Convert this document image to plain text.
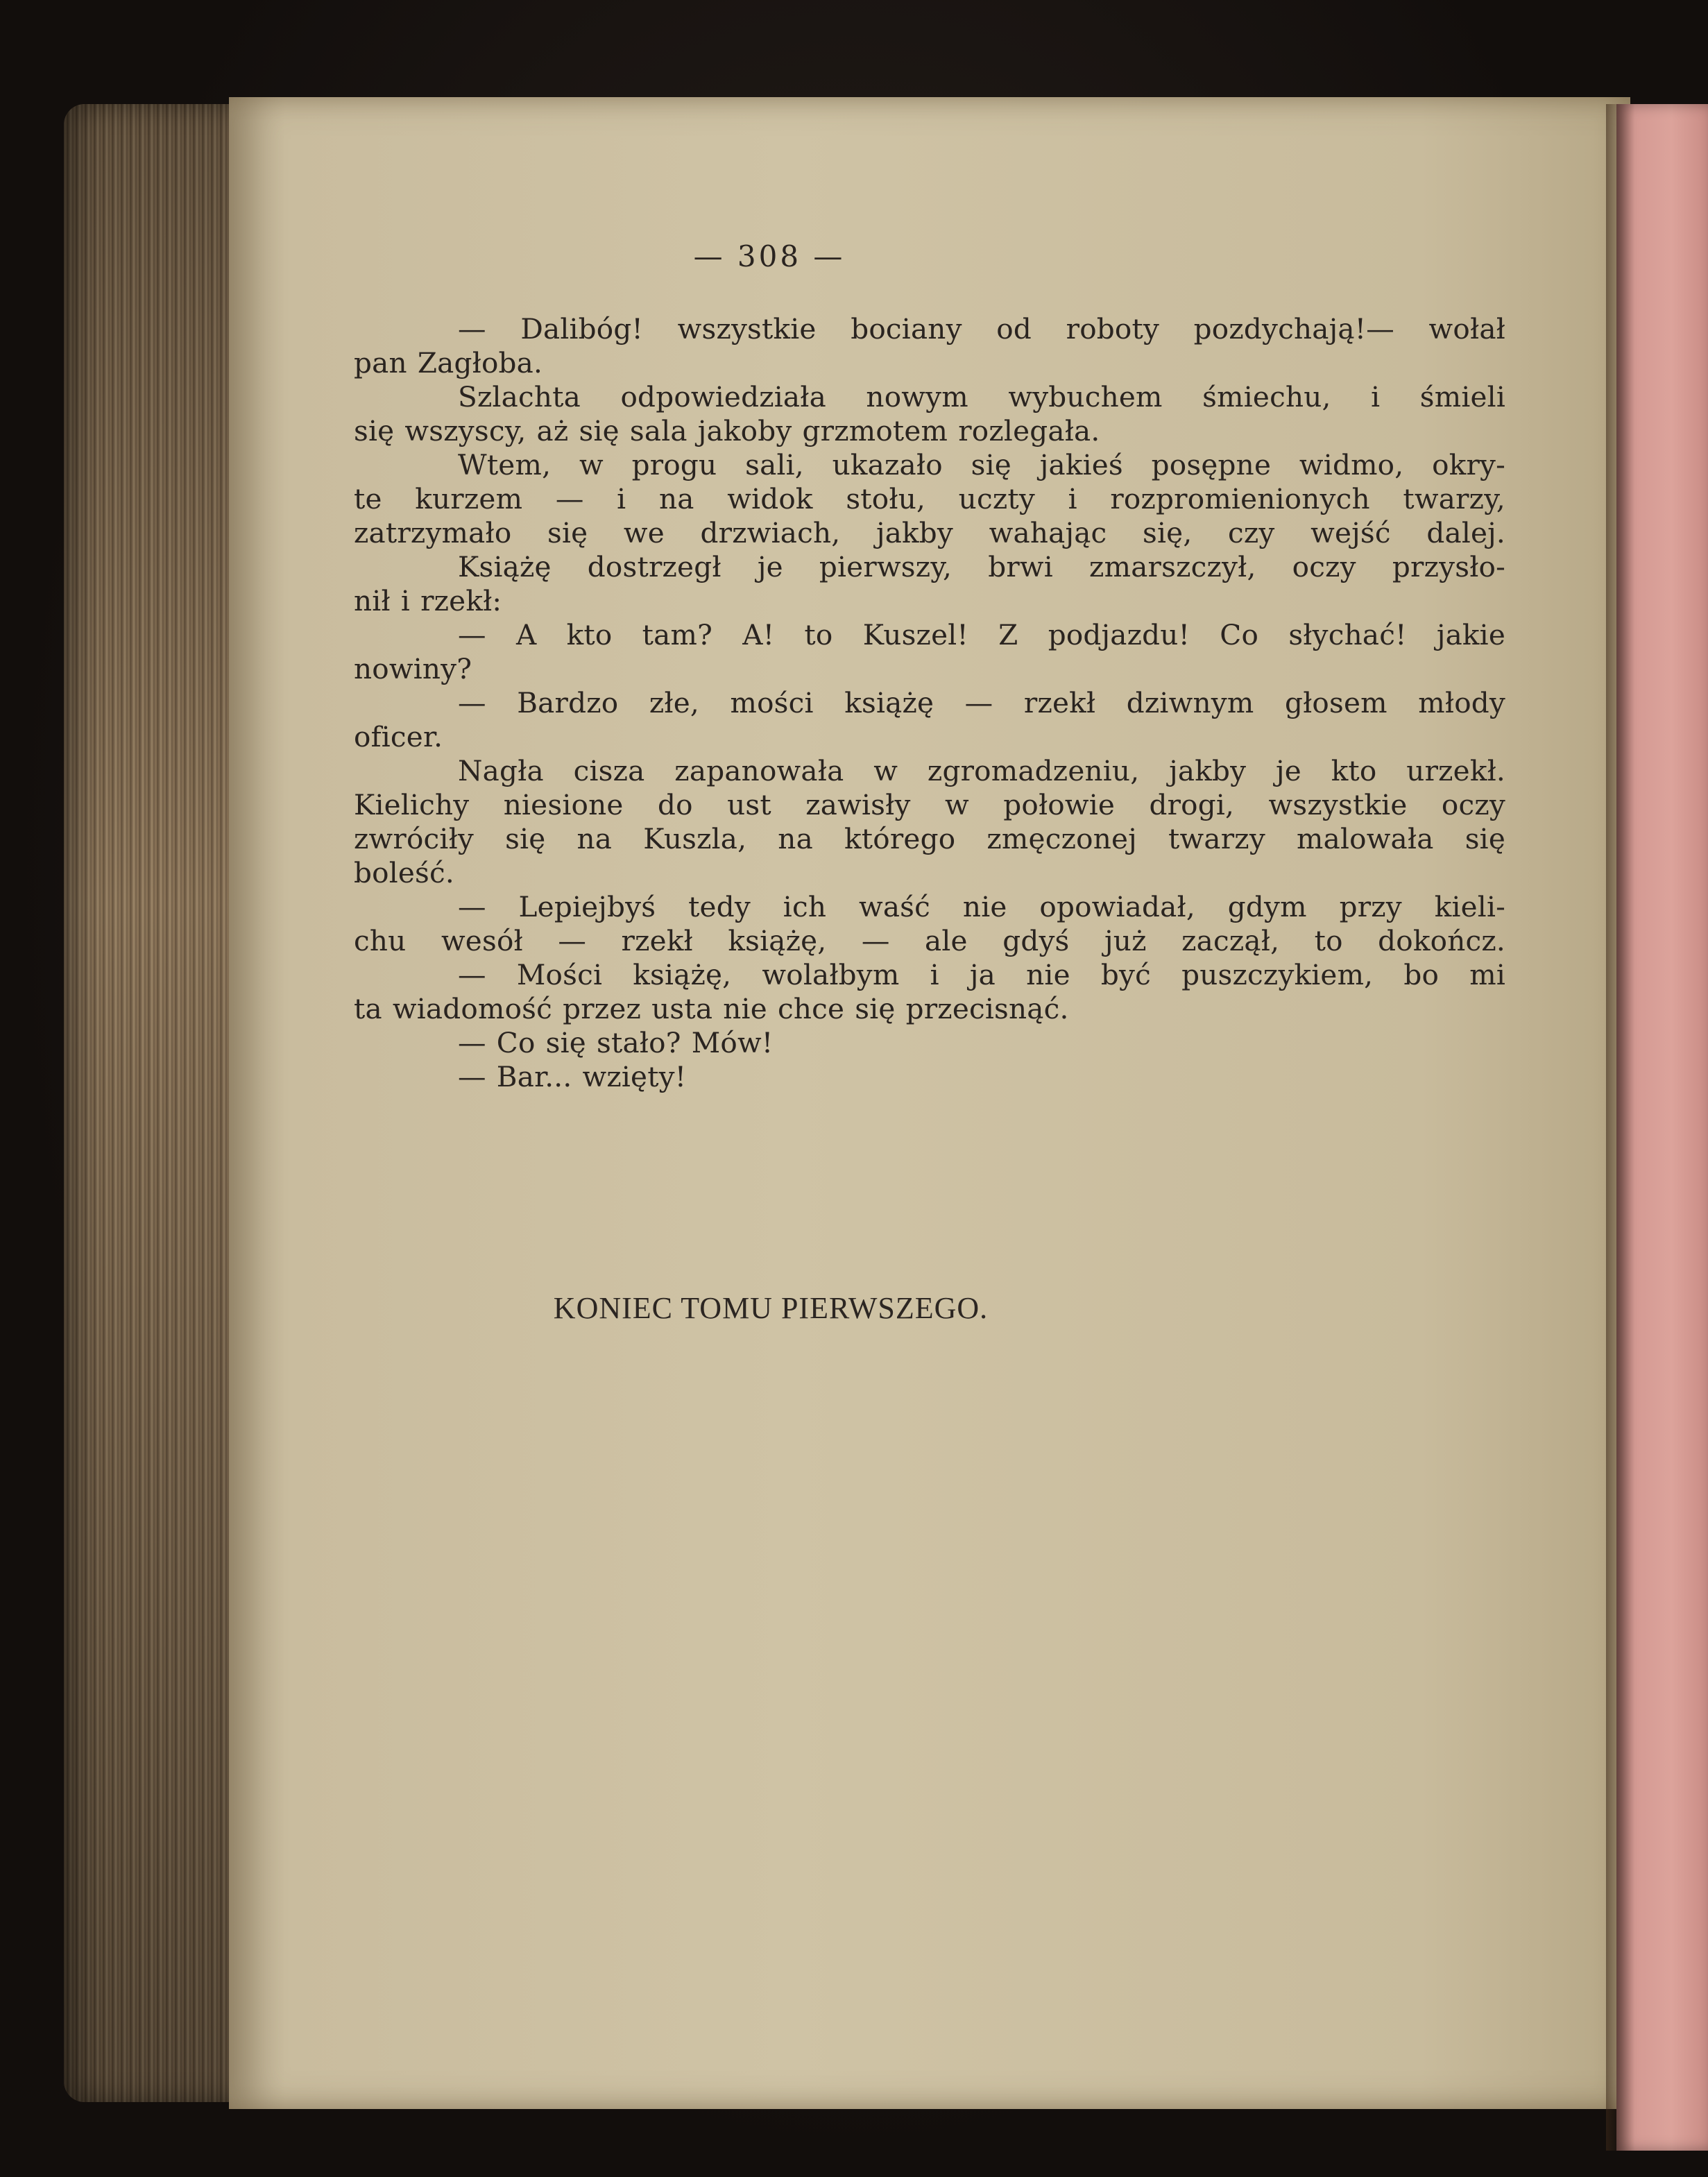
— 308 —
— Dalibóg! wszystkie bociany od roboty pozdychają!— wołał
pan Zagłoba.
Szlachta odpowiedziała nowym wybuchem śmiechu, i śmieli
się wszyscy, aż się sala jakoby grzmotem rozlegała.
Wtem, w progu sali, ukazało się jakieś posępne widmo, okry-
te kurzem — i na widok stołu, uczty i rozpromienionych twarzy,
zatrzymało się we drzwiach, jakby wahając się, czy wejść dalej.
Książę dostrzegł je pierwszy, brwi zmarszczył, oczy przysło-
nił i rzekł:
— A kto tam? A! to Kuszel! Z podjazdu! Co słychać! jakie
nowiny?
— Bardzo złe, mości książę — rzekł dziwnym głosem młody
oficer.
Nagła cisza zapanowała w zgromadzeniu, jakby je kto urzekł.
Kielichy niesione do ust zawisły w połowie drogi, wszystkie oczy
zwróciły się na Kuszla, na którego zmęczonej twarzy malowała się
boleść.
— Lepiejbyś tedy ich waść nie opowiadał, gdym przy kieli-
chu wesół — rzekł książę, — ale gdyś już zaczął, to dokończ.
— Mości książę, wolałbym i ja nie być puszczykiem, bo mi
ta wiadomość przez usta nie chce się przecisnąć.
— Co się stało? Mów!
— Bar... wzięty!
KONIEC TOMU PIERWSZEGO.
